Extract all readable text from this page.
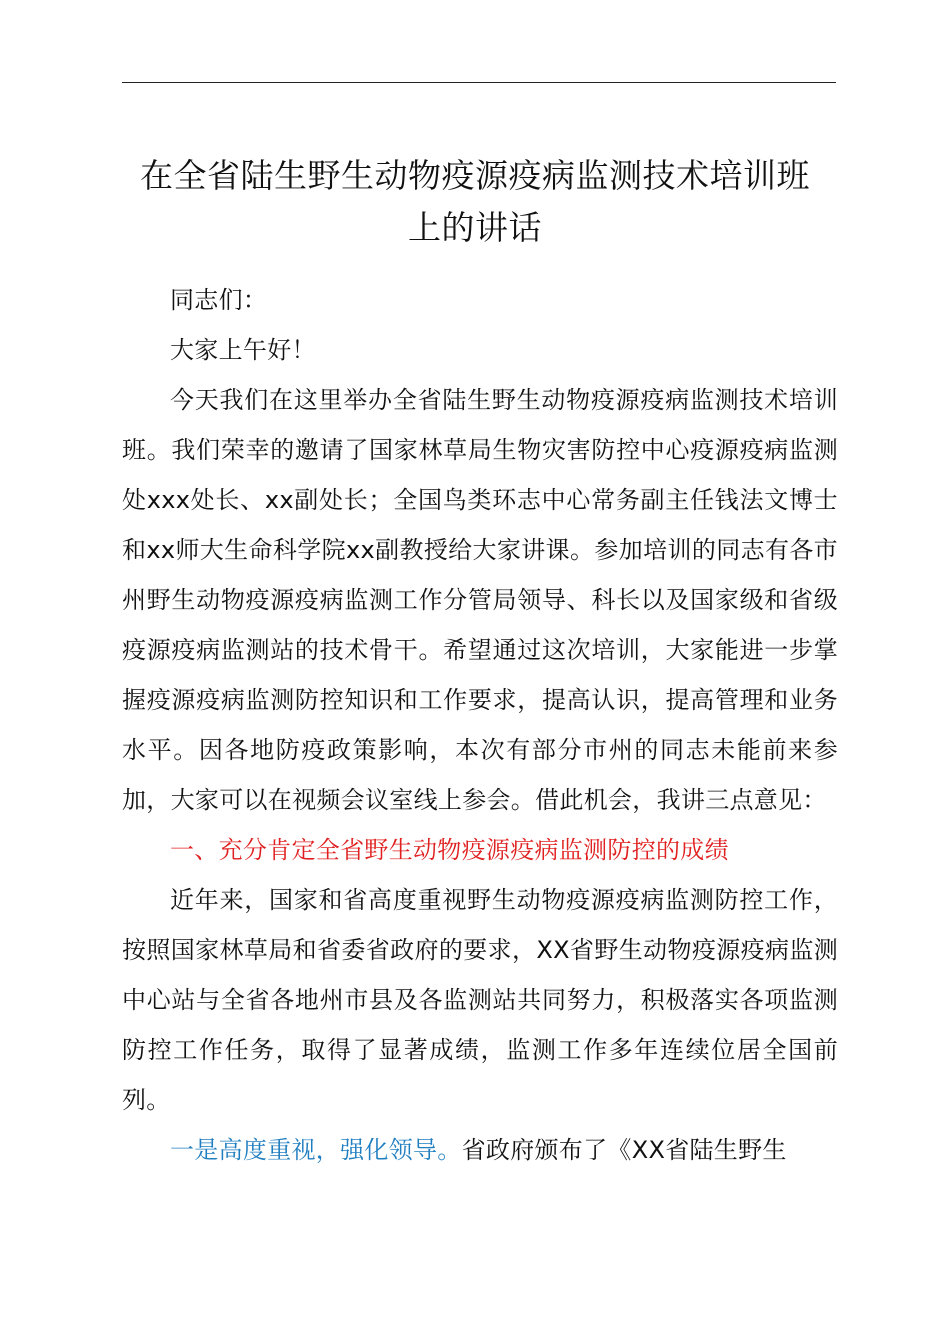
在全省陆生野生动物疫源疫病监测技术培训班
上的讲话

同志们：

大家上午好！

今天我们在这里举办全省陆生野生动物疫源疫病监测技术培训班。我们荣幸的邀请了国家林草局生物灾害防控中心疫源疫病监测处xxx处长、xx副处长；全国鸟类环志中心常务副主任钱法文博士和xx师大生命科学院xx副教授给大家讲课。参加培训的同志有各市州野生动物疫源疫病监测工作分管局领导、科长以及国家级和省级疫源疫病监测站的技术骨干。希望通过这次培训，大家能进一步掌握疫源疫病监测防控知识和工作要求，提高认识，提高管理和业务水平。因各地防疫政策影响，本次有部分市州的同志未能前来参加，大家可以在视频会议室线上参会。借此机会，我讲三点意见：

一、充分肯定全省野生动物疫源疫病监测防控的成绩

近年来，国家和省高度重视野生动物疫源疫病监测防控工作，按照国家林草局和省委省政府的要求，XX省野生动物疫源疫病监测中心站与全省各地州市县及各监测站共同努力，积极落实各项监测防控工作任务，取得了显著成绩，监测工作多年连续位居全国前列。

一是高度重视，强化领导。省政府颁布了《XX省陆生野生
